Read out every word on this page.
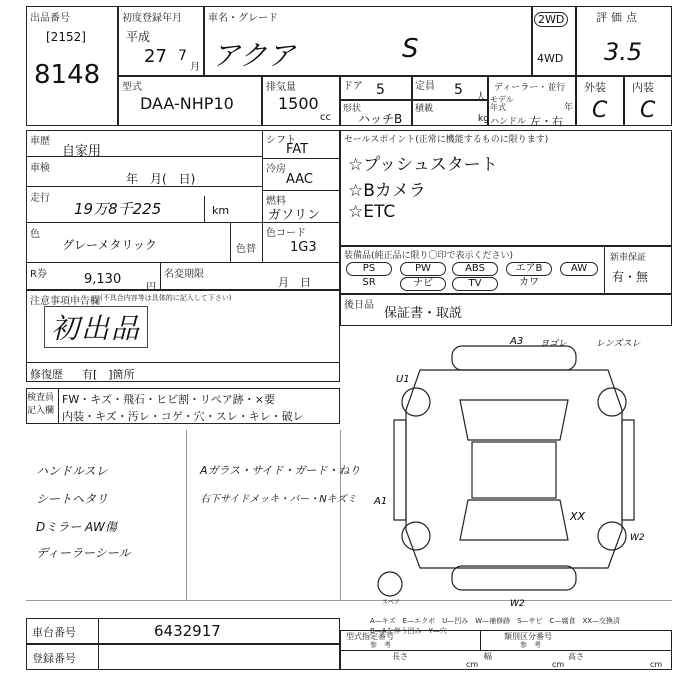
出品番号
[2152]
8148
初度登録年月
平成
27 7
月
車名・グレード
アクア	S
2WD
4WD
評価点
3.5
型式
DAA-NHP10
排気量
1500
cc
ドア 5	定員 5 人
形状
ハッチB
積載
kg
ディーラー・並行
モデル年式	年
ハンドル 左・右
外装
C
内装
C
車歴
自家用
車検
年　月(　日)
走行
19万8千225	km
色
グレーメタリック	色替
R券	9,130
円
名変期限
月　日
シフト
FAT
冷房
AAC
燃料
ガソリン
色コード
1G3
セールスポイント(正常に機能するものに限ります)
☆プッシュスタート
☆Bカメラ
☆ETC
装備品(純正品に限り〇印で表示ください)	新車保証
有・無
PS	PW	ABS	エアB	AW
SR	ナビ	TV	カワ
後日品
保証書・取説
注意事項申告欄 (不具合内容等は具体的に記入して下さい)
初出品
修復歴 有[　]箇所
検査員記入欄
FW・キズ・飛石・ヒビ割・リペア跡・×要
内装・キズ・汚レ・コゲ・穴・スレ・キレ・破レ
ハンドルスレ
シートヘタリ
Dミラー AW傷
ディーラーシール
Aガラス・サイド・ガード・ねり
右下サイドメッキ・バー・Nキズミ
スペア
A3 ヨゴレ	レンズスレ
U1
A1
XX
W2
W2
A—キズ　E—エクボ　U—凹み　W—補修跡　S—サビ　C—腐食　XX—交換済
B—Aを伴う凹み　Y—穴
車台番号	6432917
登録番号
型式指定番号	類別区分番号
参　考	参　考
長さ	幅	高さ
cm	cm	cm
